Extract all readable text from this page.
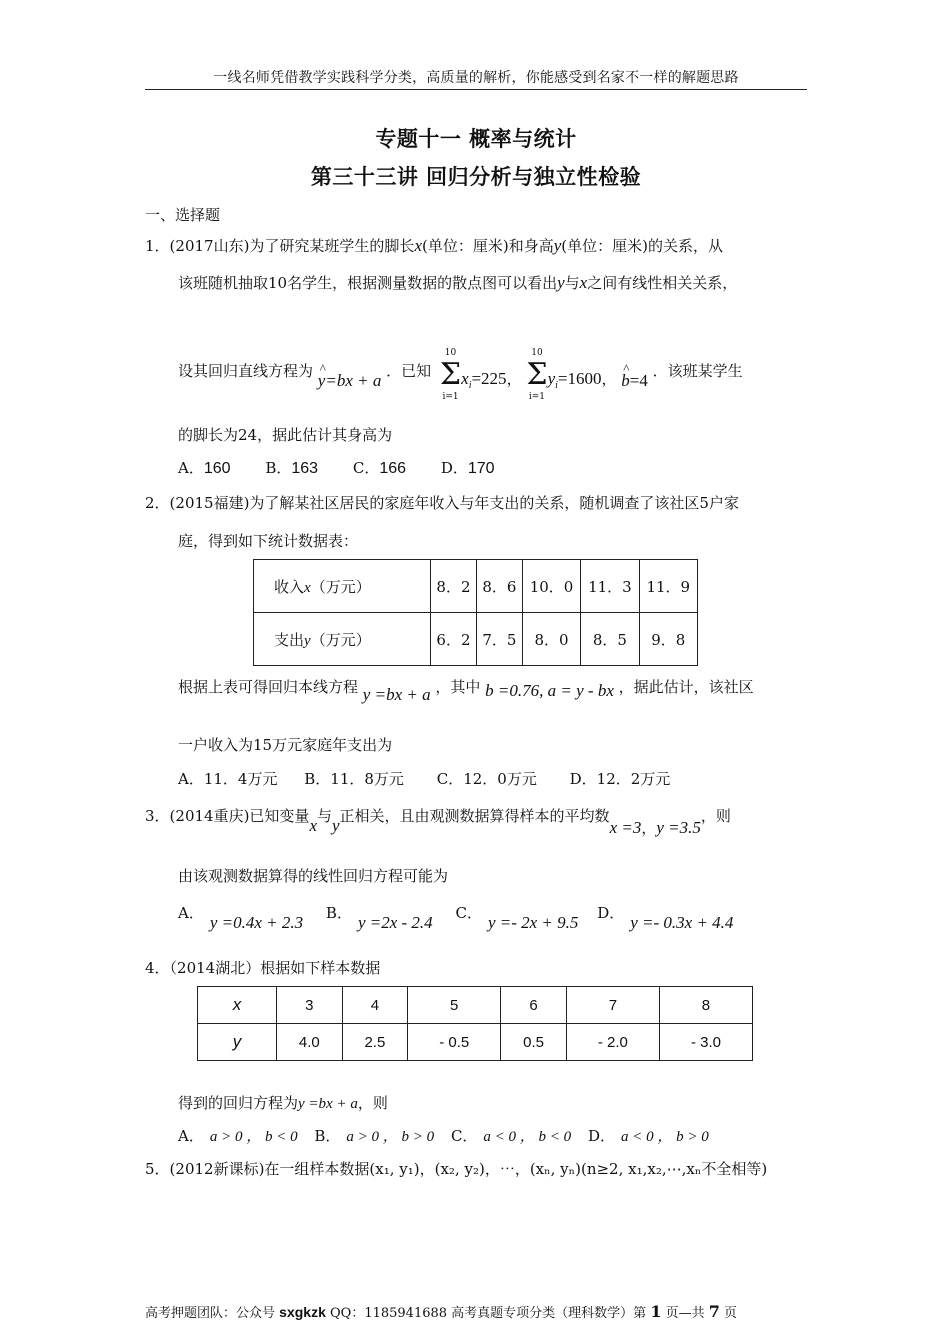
一线名师凭借教学实践科学分类，高质量的解析，你能感受到名家不一样的解题思路
专题十一 概率与统计
第三十三讲 回归分析与独立性检验
一、选择题
1．(2017山东)为了研究某班学生的脚长x(单位：厘米)和身高y(单位：厘米)的关系，从
该班随机抽取10名学生，根据测量数据的散点图可以看出y与x之间有线性相关关系，
设其回归直线方程为 ^ y=bx + a ．已知
10
Σ
i=1
$x_i=225$，
10
Σ
i=1
$y_i=1600$， ^ b=4 ．该班某学生
的脚长为24，据此估计其身高为
A．160 B．163 C．166 D．170
2．(2015福建)为了解某社区居民的家庭年收入与年支出的关系，随机调查了该社区5户家
庭，得到如下统计数据表：
收入x（万元）	8．2	8．6	10．0	11．3	11．9
支出y（万元）	6．2	7．5	8．0	8．5	9．8
根据上表可得回归本线方程 y =bx + a ，其中 b =0.76, a = y - bx ，据此估计，该社区
一户收入为15万元家庭年支出为
A．11．4万元 B．11．8万元 C．12．0万元 D．12．2万元
3．(2014重庆)已知变量x与y正相关，且由观测数据算得样本的平均数x =3，y =3.5，则
由该观测数据算得的线性回归方程可能为
A． y =0.4x + 2.3 B． y =2x - 2.4 C． y =- 2x + 9.5 D． y =- 0.3x + 4.4
4．（2014湖北）根据如下样本数据
x	3	4	5	6	7	8
y	4.0	2.5	- 0.5	0.5	- 2.0	- 3.0
得到的回归方程为y =bx + a，则
A． a > 0 ， b < 0 B． a > 0 ， b > 0 C． a < 0 ， b < 0 D． a < 0 ， b > 0
5．(2012新课标)在一组样本数据(x₁, y₁)，(x₂, y₂)，⋯，(xₙ, yₙ)(n≥2, x₁,x₂,⋯,xₙ不全相等)
高考押题团队：公众号 sxgkzk QQ：1185941688 高考真题专项分类（理科数学）第 1 页—共 7 页
